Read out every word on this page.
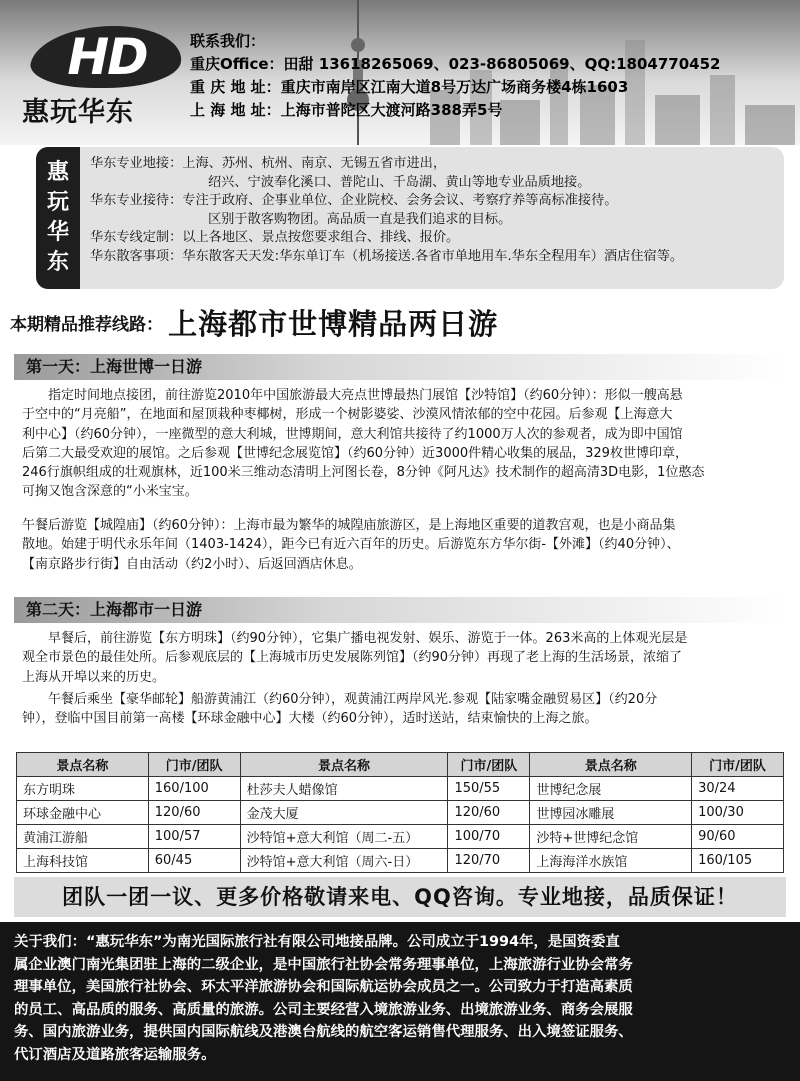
HD
惠玩华东
联系我们：
重庆Office：田甜 13618265069、023-86805069、QQ:1804770452
重 庆 地 址：重庆市南岸区江南大道8号万达广场商务楼4栋1603
上 海 地 址：上海市普陀区大渡河路388弄5号
惠
玩
华
东
华东专业地接：上海、苏州、杭州、南京、无锡五省市进出，
绍兴、宁波奉化溪口、普陀山、千岛湖、黄山等地专业品质地接。
华东专业接待：专注于政府、企事业单位、企业院校、会务会议、考察疗养等高标准接待。
区别于散客购物团。高品质一直是我们追求的目标。
华东专线定制：以上各地区、景点按您要求组合、排线、报价。
华东散客事项：华东散客天天发:华东单订车（机场接送.各省市单地用车.华东全程用车）酒店住宿等。
本期精品推荐线路： 上海都市世博精品两日游
第一天：上海世博一日游
指定时间地点接团，前往游览2010年中国旅游最大亮点世博最热门展馆【沙特馆】（约60分钟）：形似一艘高悬
于空中的“月亮船”，在地面和屋顶栽种枣椰树，形成一个树影婆娑、沙漠风情浓郁的空中花园。后参观【上海意大
利中心】（约60分钟），一座微型的意大利城，世博期间，意大利馆共接待了约1000万人次的参观者，成为即中国馆
后第二大最受欢迎的展馆。之后参观【世博纪念展览馆】（约60分钟）近3000件精心收集的展品，329枚世博印章，
246行旗帜组成的壮观旗林，近100米三维动态清明上河图长卷，8分钟《阿凡达》技术制作的超高清3D电影，1位憨态
可掬又饱含深意的“小米宝宝。
午餐后游览【城隍庙】（约60分钟）：上海市最为繁华的城隍庙旅游区，是上海地区重要的道教宫观，也是小商品集
散地。始建于明代永乐年间（1403-1424），距今已有近六百年的历史。后游览东方华尔街-【外滩】（约40分钟）、
【南京路步行街】自由活动（约2小时）、后返回酒店休息。
第二天：上海都市一日游
早餐后，前往游览【东方明珠】（约90分钟），它集广播电视发射、娱乐、游览于一体。263米高的上体观光层是
观全市景色的最佳处所。后参观底层的【上海城市历史发展陈列馆】（约90分钟）再现了老上海的生活场景，浓缩了
上海从开埠以来的历史。
午餐后乘坐【豪华邮轮】船游黄浦江（约60分钟），观黄浦江两岸风光.参观【陆家嘴金融贸易区】（约20分
钟），登临中国目前第一高楼【环球金融中心】大楼（约60分钟），适时送站，结束愉快的上海之旅。
景点名称	门市/团队	景点名称	门市/团队	景点名称	门市/团队
东方明珠	160/100	杜莎夫人蜡像馆	150/55	世博纪念展	30/24
环球金融中心	120/60	金茂大厦	120/60	世博园冰雕展	100/30
黄浦江游船	100/57	沙特馆+意大利馆（周二-五）	100/70	沙特+世博纪念馆	90/60
上海科技馆	60/45	沙特馆+意大利馆（周六-日）	120/70	上海海洋水族馆	160/105
团队一团一议、更多价格敬请来电、QQ咨询。专业地接，品质保证！
关于我们：“惠玩华东”为南光国际旅行社有限公司地接品牌。公司成立于1994年，是国资委直
属企业澳门南光集团驻上海的二级企业，是中国旅行社协会常务理事单位，上海旅游行业协会常务
理事单位，美国旅行社协会、环太平洋旅游协会和国际航运协会成员之一。公司致力于打造高素质
的员工、高品质的服务、高质量的旅游。公司主要经营入境旅游业务、出境旅游业务、商务会展服
务、国内旅游业务，提供国内国际航线及港澳台航线的航空客运销售代理服务、出入境签证服务、
代订酒店及道路旅客运输服务。
